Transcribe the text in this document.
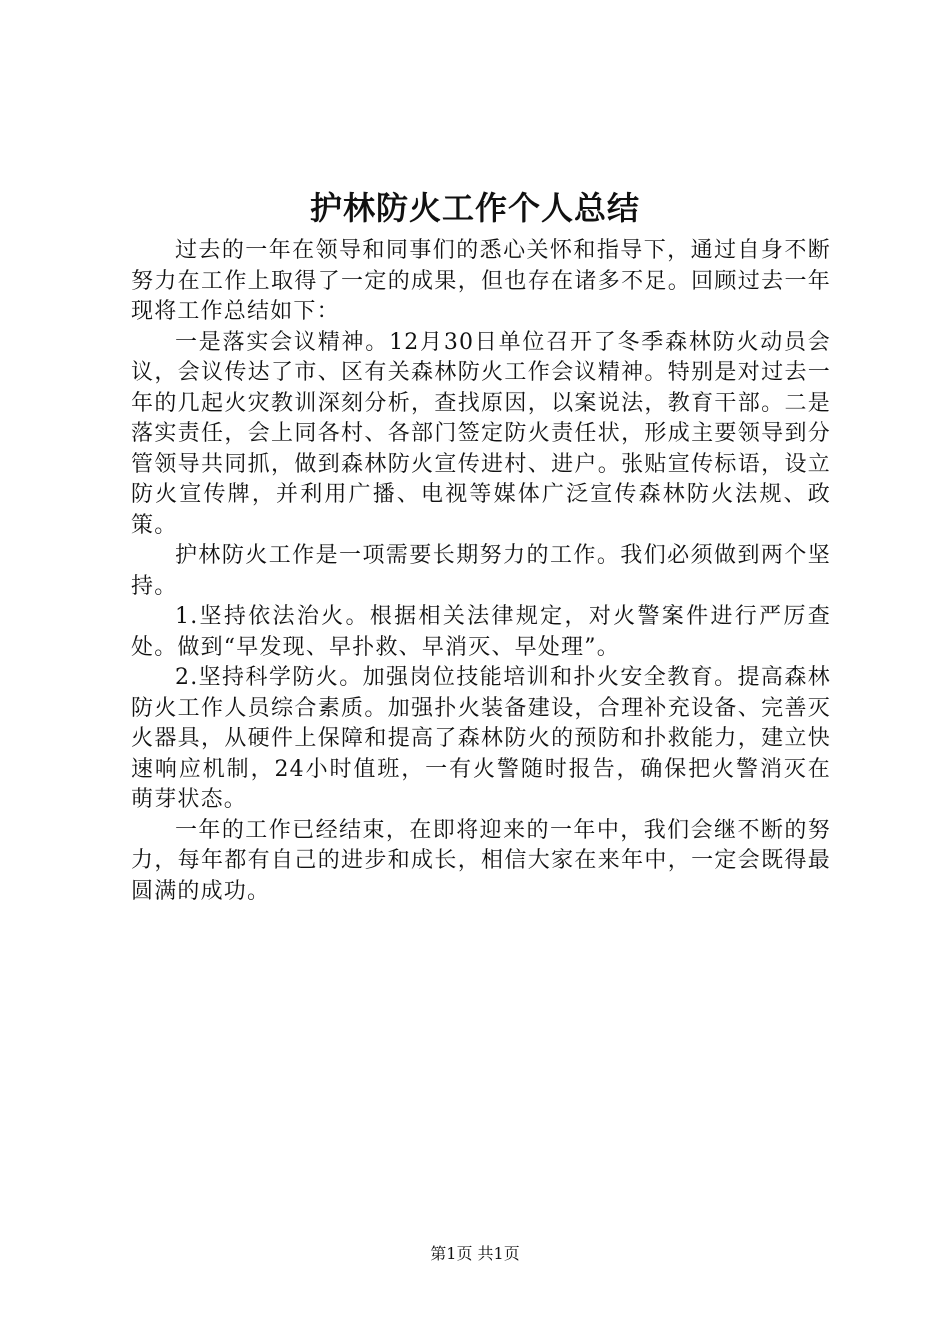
护林防火工作个人总结

过去的一年在领导和同事们的悉心关怀和指导下，通过自身不断努力在工作上取得了一定的成果，但也存在诸多不足。回顾过去一年现将工作总结如下：

一是落实会议精神。12月30日单位召开了冬季森林防火动员会议，会议传达了市、区有关森林防火工作会议精神。特别是对过去一年的几起火灾教训深刻分析，查找原因，以案说法，教育干部。二是落实责任，会上同各村、各部门签定防火责任状，形成主要领导到分管领导共同抓，做到森林防火宣传进村、进户。张贴宣传标语，设立防火宣传牌，并利用广播、电视等媒体广泛宣传森林防火法规、政策。

护林防火工作是一项需要长期努力的工作。我们必须做到两个坚持。

1.坚持依法治火。根据相关法律规定，对火警案件进行严厉查处。做到“早发现、早扑救、早消灭、早处理”。

2.坚持科学防火。加强岗位技能培训和扑火安全教育。提高森林防火工作人员综合素质。加强扑火装备建设，合理补充设备、完善灭火器具，从硬件上保障和提高了森林防火的预防和扑救能力，建立快速响应机制，24小时值班，一有火警随时报告，确保把火警消灭在萌芽状态。

一年的工作已经结束，在即将迎来的一年中，我们会继不断的努力，每年都有自己的进步和成长，相信大家在来年中，一定会既得最圆满的成功。

第1页 共1页
